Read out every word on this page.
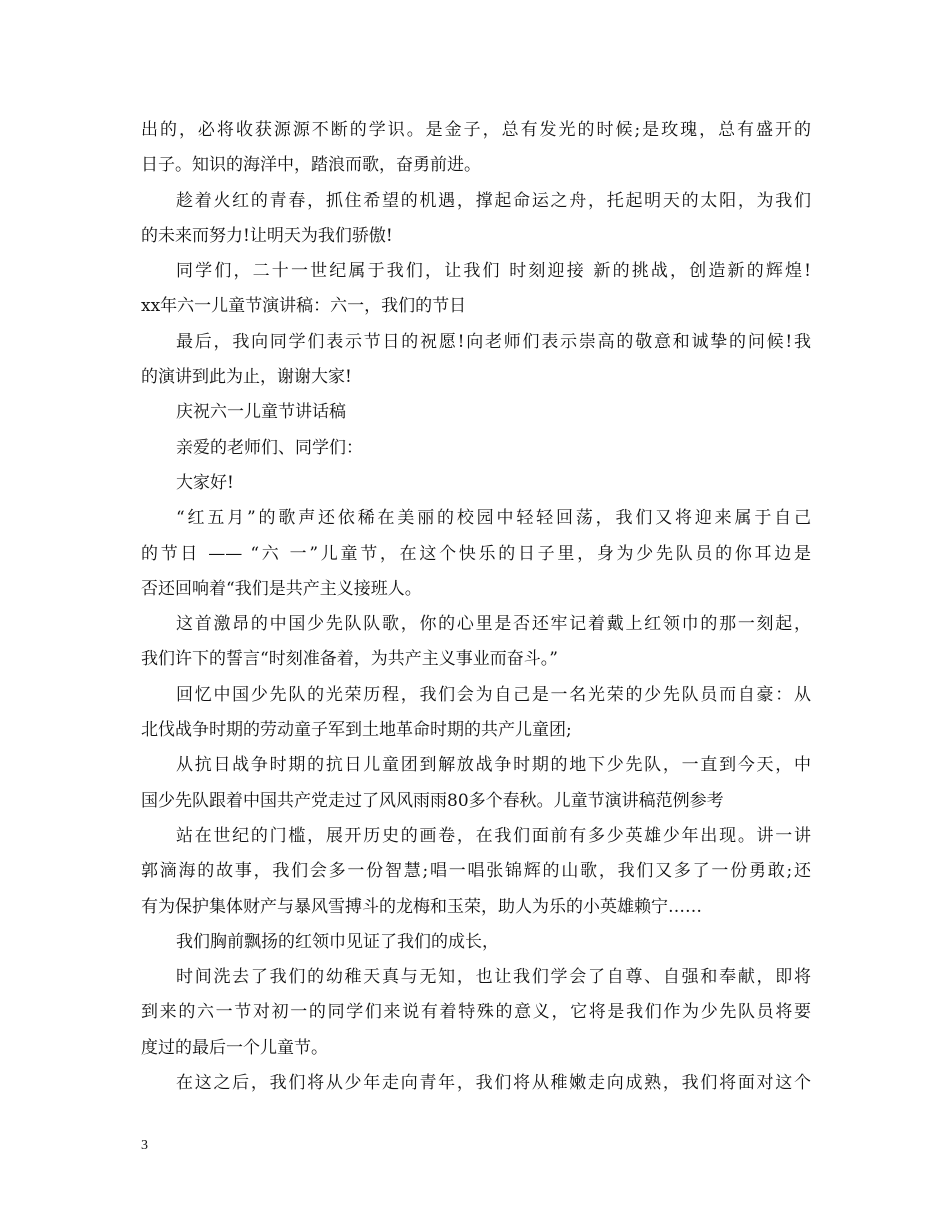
出的，必将收获源源不断的学识。是金子，总有发光的时候;是玫瑰，总有盛开的
日子。知识的海洋中，踏浪而歌，奋勇前进。
趁着火红的青春，抓住希望的机遇，撑起命运之舟，托起明天的太阳，为我们
的未来而努力!让明天为我们骄傲!
同学们，二十一世纪属于我们，让我们 时刻迎接 新的挑战，创造新的辉煌!
xx年六一儿童节演讲稿：六一，我们的节日
最后，我向同学们表示节日的祝愿!向老师们表示崇高的敬意和诚挚的问候!我
的演讲到此为止，谢谢大家!
庆祝六一儿童节讲话稿
亲爱的老师们、同学们：
大家好!
“红五月”的歌声还依稀在美丽的校园中轻轻回荡，我们又将迎来属于自己
的节日 —— “六 一”儿童节，在这个快乐的日子里，身为少先队员的你耳边是
否还回响着“我们是共产主义接班人。
这首激昂的中国少先队队歌，你的心里是否还牢记着戴上红领巾的那一刻起，
我们许下的誓言“时刻准备着，为共产主义事业而奋斗。”
回忆中国少先队的光荣历程，我们会为自己是一名光荣的少先队员而自豪：从
北伐战争时期的劳动童子军到土地革命时期的共产儿童团;
从抗日战争时期的抗日儿童团到解放战争时期的地下少先队，一直到今天，中
国少先队跟着中国共产党走过了风风雨雨80多个春秋。儿童节演讲稿范例参考
站在世纪的门槛，展开历史的画卷，在我们面前有多少英雄少年出现。讲一讲
郭滴海的故事，我们会多一份智慧;唱一唱张锦辉的山歌，我们又多了一份勇敢;还
有为保护集体财产与暴风雪搏斗的龙梅和玉荣，助人为乐的小英雄赖宁……
我们胸前飘扬的红领巾见证了我们的成长，
时间洗去了我们的幼稚天真与无知，也让我们学会了自尊、自强和奉献，即将
到来的六一节对初一的同学们来说有着特殊的意义，它将是我们作为少先队员将要
度过的最后一个儿童节。
在这之后，我们将从少年走向青年，我们将从稚嫩走向成熟，我们将面对这个
3
